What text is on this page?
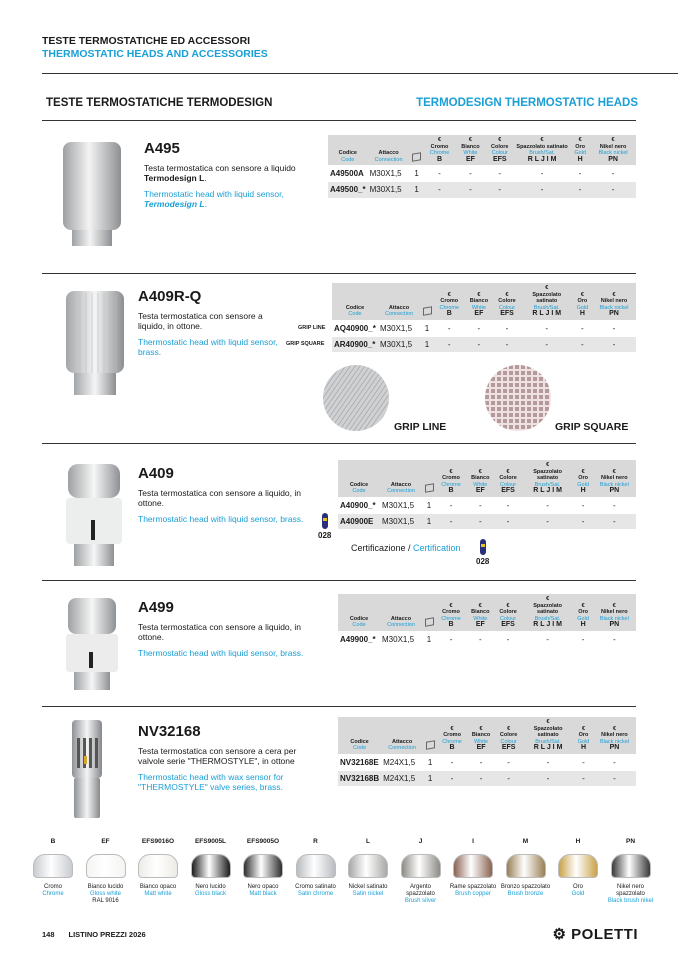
TESTE TERMOSTATICHE ED ACCESSORI
THERMOSTATIC HEADS AND ACCESSORIES
TESTE TERMOSTATICHE TERMODESIGN	TERMODESIGN THERMOSTATIC HEADS
A495
Testa termostatica con sensore a liquido Termodesign L.
Thermostatic head with liquid sensor, Termodesign L.
Codice
Code	Attacco
Connection		€
Cromo
Chrome
B	€
Bianco
White
EF	€
Colore
Colour
EFS	€
Spazzolato satinato
Brush/Sat.
R L J I M	€
Oro
Gold
H	€
Nikel nero
Black nickel
PN

A49500A	M30X1,5	1	-	-	-	-	-	-
A49500_*	M30X1,5	1	-	-	-	-	-	-
A409R-Q
Testa termostatica con sensore a liquido, in ottone.
Thermostatic head with liquid sensor, brass.
GRIP LINE
GRIP SQUARE
Codice
Code	Attacco
Connection		€
Cromo
Chrome
B	€
Bianco
White
EF	€
Colore
Colour
EFS	€
Spazzolato satinato
Brush/Sat.
R L J I M	€
Oro
Gold
H	€
Nikel nero
Black nickel
PN

AQ40900_*	M30X1,5	1	-	-	-	-	-	-
AR40900_*	M30X1,5	1	-	-	-	-	-	-
GRIP LINE	GRIP SQUARE
A409
Testa termostatica con sensore a liquido, in ottone.
Thermostatic head with liquid sensor, brass.
Codice
Code	Attacco
Connection		€
Cromo
Chrome
B	€
Bianco
White
EF	€
Colore
Colour
EFS	€
Spazzolato satinato
Brush/Sat.
R L J I M	€
Oro
Gold
H	€
Nikel nero
Black nickel
PN

A40900_*	M30X1,5	1	-	-	-	-	-	-
A40900E	M30X1,5	1	-	-	-	-	-	-
028
Certificazione / Certification
028
A499
Testa termostatica con sensore a liquido, in ottone.
Thermostatic head with liquid sensor, brass.
Codice
Code	Attacco
Connection		€
Cromo
Chrome
B	€
Bianco
White
EF	€
Colore
Colour
EFS	€
Spazzolato satinato
Brush/Sat.
R L J I M	€
Oro
Gold
H	€
Nikel nero
Black nickel
PN

A49900_*	M30X1,5	1	-	-	-	-	-	-
NV32168
Testa termostatica con sensore a cera per valvole serie "THERMOSTYLE", in ottone
Thermostatic head with wax sensor for "THERMOSTYLE" valve series, brass.
Codice
Code	Attacco
Connection		€
Cromo
Chrome
B	€
Bianco
White
EF	€
Colore
Colour
EFS	€
Spazzolato satinato
Brush/Sat.
R L J I M	€
Oro
Gold
H	€
Nikel nero
Black nickel
PN

NV32168E	M24X1,5	1	-	-	-	-	-	-
NV32168B	M24X1,5	1	-	-	-	-	-	-
B
Cromo
Chrome
EF
Bianco lucido
Gloss white
RAL 9016
EFS9016O
Bianco opaco
Matt white
EFS9005L
Nero lucido
Gloss black
EFS9005O
Nero opaco
Matt black
R
Cromo satinato
Satin chrome
L
Nickel satinato
Satin nickel
J
Argento spazzolato
Brush silver
I
Rame spazzolato
Brush copper
M
Bronzo spazzolato
Brush bronze
H
Oro
Gold
PN
Nikel nero spazzolato
Black brush nikel
148 LISTINO PREZZI 2026	⚙ POLETTI
